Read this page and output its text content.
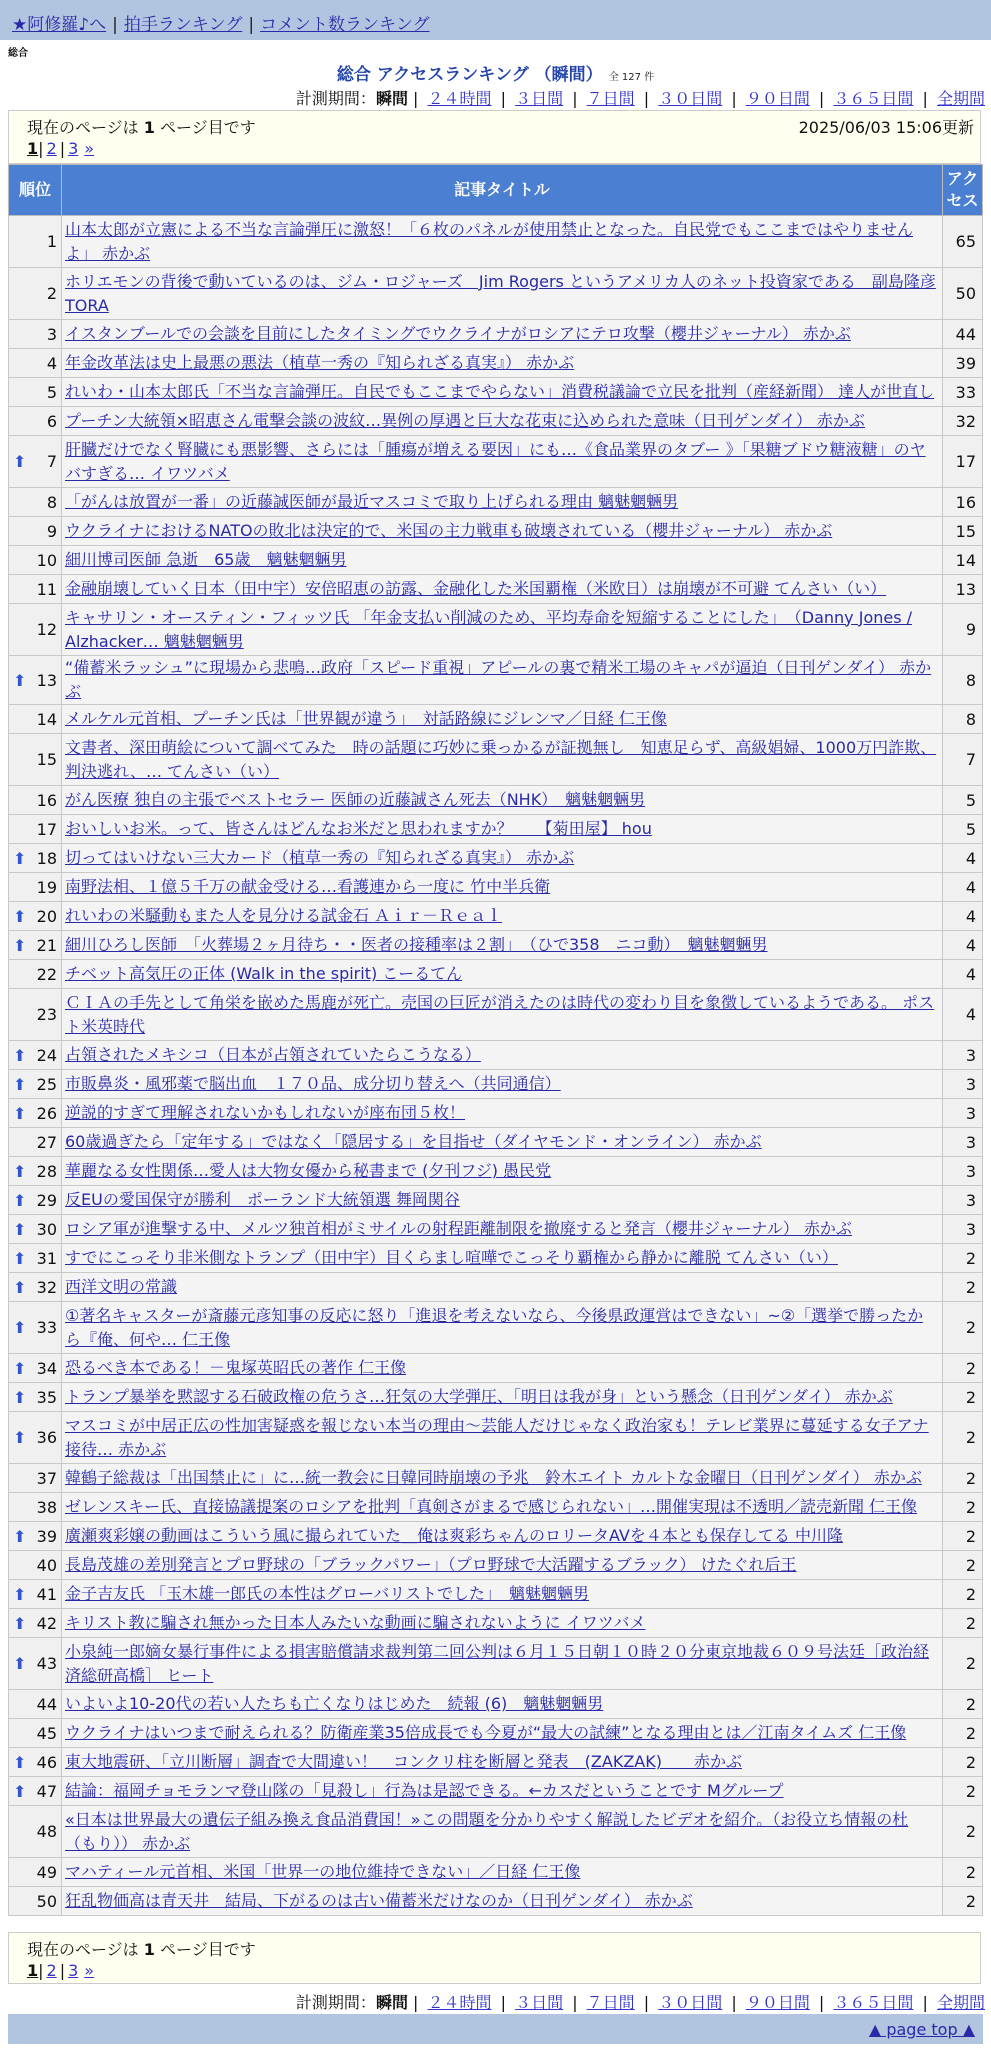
★阿修羅♪へ | 拍手ランキング | コメント数ランキング
総合
総合 アクセスランキング （瞬間） 全 127 件
計測期間：瞬間 | ２４時間 | ３日間 | ７日間 | ３０日間 | ９０日間 | ３６５日間 | 全期間
現在のページは 1 ページ目です	2025/06/03 15:06更新
1| 2 | 3 »
順位	記事タイトル	アクセス
1	山本太郎が立憲による不当な言論弾圧に激怒！「６枚のパネルが使用禁止となった。自民党でもここまではやりませんよ」 赤かぶ	65
2	ホリエモンの背後で動いているのは、ジム・ロジャーズ　Jim Rogers というアメリカ人のネット投資家である　副島隆彦 TORA	50
3	イスタンブールでの会談を目前にしたタイミングでウクライナがロシアにテロ攻撃（櫻井ジャーナル） 赤かぶ	44
4	年金改革法は史上最悪の悪法（植草一秀の『知られざる真実』） 赤かぶ	39
5	れいわ・山本太郎氏「不当な言論弾圧。自民でもここまでやらない」消費税議論で立民を批判（産経新聞） 達人が世直し	33
6	プーチン大統領×昭恵さん電撃会談の波紋…異例の厚遇と巨大な花束に込められた意味（日刊ゲンダイ） 赤かぶ	32

⬆ 7	肝臓だけでなく腎臓にも悪影響、さらには「腫瘍が増える要因」にも…《食品業界のタブー 》「果糖ブドウ糖液糖」のヤバすぎる… イワツバメ	17
8	「がんは放置が一番」の近藤誠医師が最近マスコミで取り上げられる理由 魑魅魍魎男	16
9	ウクライナにおけるNATOの敗北は決定的で、米国の主力戦車も破壊されている（櫻井ジャーナル） 赤かぶ	15
10	細川博司医師 急逝　65歳　魑魅魍魎男	14
11	金融崩壊していく日本（田中宇）安倍昭恵の訪露、金融化した米国覇権（米欧日）は崩壊が不可避 てんさい（い）	13
12	キャサリン・オースティン・フィッツ氏 「年金支払い削減のため、平均寿命を短縮することにした」　（Danny Jones / Alzhacker… 魑魅魍魎男	9

⬆ 13	“備蓄米ラッシュ”に現場から悲鳴…政府「スピード重視」アピールの裏で精米工場のキャパが逼迫（日刊ゲンダイ） 赤かぶ	8
14	メルケル元首相、プーチン氏は「世界観が違う」　対話路線にジレンマ／日経 仁王像	8
15	文書者、深田萌絵について調べてみた　時の話題に巧妙に乗っかるが証拠無し　知恵足らず、高級娼婦、1000万円詐欺、判決逃れ、… てんさい（い）	7
16	がん医療 独自の主張でベストセラー 医師の近藤誠さん死去（NHK）　魑魅魍魎男	5
17	おいしいお米。って、皆さんはどんなお米だと思われますか？　　【菊田屋】 hou	5

⬆ 18	切ってはいけない三大カード（植草一秀の『知られざる真実』） 赤かぶ	4
19	南野法相、１億５千万の献金受ける…看護連から一度に 竹中半兵衛	4

⬆ 20	れいわの米騒動もまた人を見分ける試金石 Ａｉｒ－Ｒｅａｌ	4

⬆ 21	細川ひろし医師　「火葬場２ヶ月待ち・・医者の接種率は２割」　（ひで358　ニコ動）　魑魅魍魎男	4
22	チベット高気圧の正体 (Walk in the spirit) こーるてん	4
23	ＣＩＡの手先として角栄を嵌めた馬鹿が死亡。売国の巨匠が消えたのは時代の変わり目を象徴しているようである。 ポスト米英時代	4

⬆ 24	占領されたメキシコ（日本が占領されていたらこうなる）	3

⬆ 25	市販鼻炎・風邪薬で脳出血　１７０品、成分切り替えへ（共同通信）	3

⬆ 26	逆説的すぎて理解されないかもしれないが座布団５枚！	3
27	60歳過ぎたら「定年する」ではなく「隠居する」を目指せ（ダイヤモンド・オンライン） 赤かぶ	3

⬆ 28	華麗なる女性関係…愛人は大物女優から秘書まで (夕刊フジ) 愚民党	3

⬆ 29	反EUの愛国保守が勝利　ポーランド大統領選 舞岡関谷	3

⬆ 30	ロシア軍が進撃する中、メルツ独首相がミサイルの射程距離制限を撤廃すると発言（櫻井ジャーナル） 赤かぶ	3

⬆ 31	すでにこっそり非米側なトランプ（田中宇）目くらまし喧嘩でこっそり覇権から静かに離脱 てんさい（い）	2

⬆ 32	西洋文明の常識	2

⬆ 33	①著名キャスターが斎藤元彦知事の反応に怒り「進退を考えないなら、今後県政運営はできない」~②「選挙で勝ったから『俺、何や… 仁王像	2

⬆ 34	恐るべき本である！－鬼塚英昭氏の著作 仁王像	2

⬆ 35	トランプ暴挙を黙認する石破政権の危うさ…狂気の大学弾圧、「明日は我が身」という懸念（日刊ゲンダイ） 赤かぶ	2

⬆ 36	マスコミが中居正広の性加害疑惑を報じない本当の理由～芸能人だけじゃなく政治家も！テレビ業界に蔓延する女子アナ接待… 赤かぶ	2
37	韓鶴子総裁は「出国禁止に」に…統一教会に日韓同時崩壊の予兆　鈴木エイト カルトな金曜日（日刊ゲンダイ） 赤かぶ	2
38	ゼレンスキー氏、直接協議提案のロシアを批判「真剣さがまるで感じられない」…開催実現は不透明／読売新聞 仁王像	2

⬆ 39	廣瀬爽彩嬢の動画はこういう風に撮られていた＿俺は爽彩ちゃんのロリータAVを４本とも保存してる 中川隆	2
40	長島茂雄の差別発言とプロ野球の「ブラックパワー」（プロ野球で大活躍するブラック） けたぐれ后王	2

⬆ 41	金子吉友氏 「玉木雄一郎氏の本性はグローバリストでした」　魑魅魍魎男	2

⬆ 42	キリスト教に騙され無かった日本人みたいな動画に騙されないように イワツバメ	2

⬆ 43	小泉純一郎嫡女暴行事件による損害賠償請求裁判第二回公判は６月１５日朝１０時２０分東京地裁６０９号法廷［政治経済総研高橋］ ヒート	2
44	いよいよ10-20代の若い人たちも亡くなりはじめた　続報 (6)　魑魅魍魎男	2
45	ウクライナはいつまで耐えられる？防衛産業35倍成長でも今夏が“最大の試練”となる理由とは／江南タイムズ 仁王像	2

⬆ 46	東大地震研、「立川断層」調査で大間違い！　コンクリ柱を断層と発表　(ZAKZAK)　　赤かぶ	2

⬆ 47	結論：福岡チョモランマ登山隊の「見殺し」行為は是認できる。←カスだということです Mグループ	2
48	«日本は世界最大の遺伝子組み換え食品消費国！»この問題を分かりやすく解説したビデオを紹介。（お役立ち情報の杜（もり）） 赤かぶ	2
49	マハティール元首相、米国「世界一の地位維持できない」／日経 仁王像	2
50	狂乱物価高は青天井　結局、下がるのは古い備蓄米だけなのか（日刊ゲンダイ） 赤かぶ	2
現在のページは 1 ページ目です
1| 2 | 3 »
計測期間：瞬間 | ２４時間 | ３日間 | ７日間 | ３０日間 | ９０日間 | ３６５日間 | 全期間
▲ page top ▲
